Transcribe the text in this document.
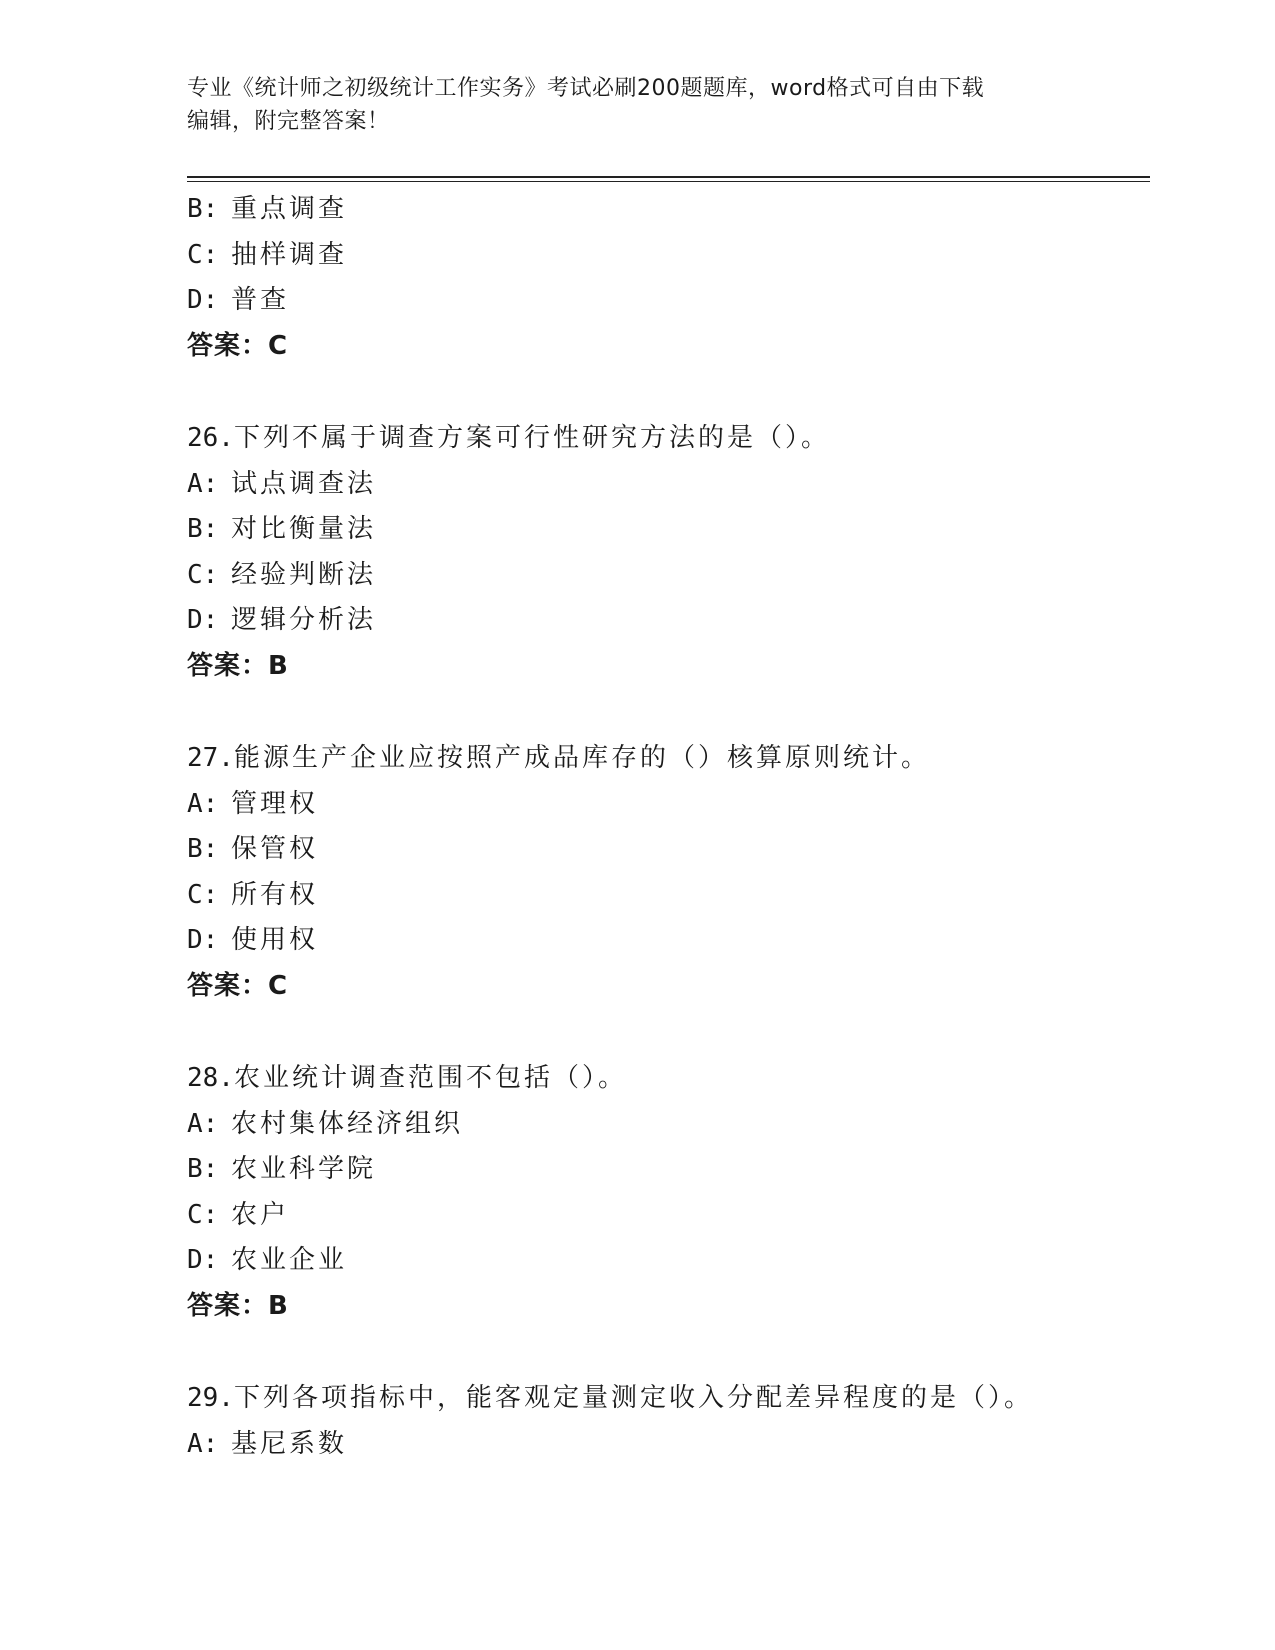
专业《统计师之初级统计工作实务》考试必刷200题题库，word格式可自由下载
编辑，附完整答案！
B: 重点调查
C: 抽样调查
D: 普查
答案：C
26.下列不属于调查方案可行性研究方法的是（）。
A: 试点调查法
B: 对比衡量法
C: 经验判断法
D: 逻辑分析法
答案：B
27.能源生产企业应按照产成品库存的（）核算原则统计。
A: 管理权
B: 保管权
C: 所有权
D: 使用权
答案：C
28.农业统计调查范围不包括（）。
A: 农村集体经济组织
B: 农业科学院
C: 农户
D: 农业企业
答案：B
29.下列各项指标中，能客观定量测定收入分配差异程度的是（）。
A: 基尼系数
